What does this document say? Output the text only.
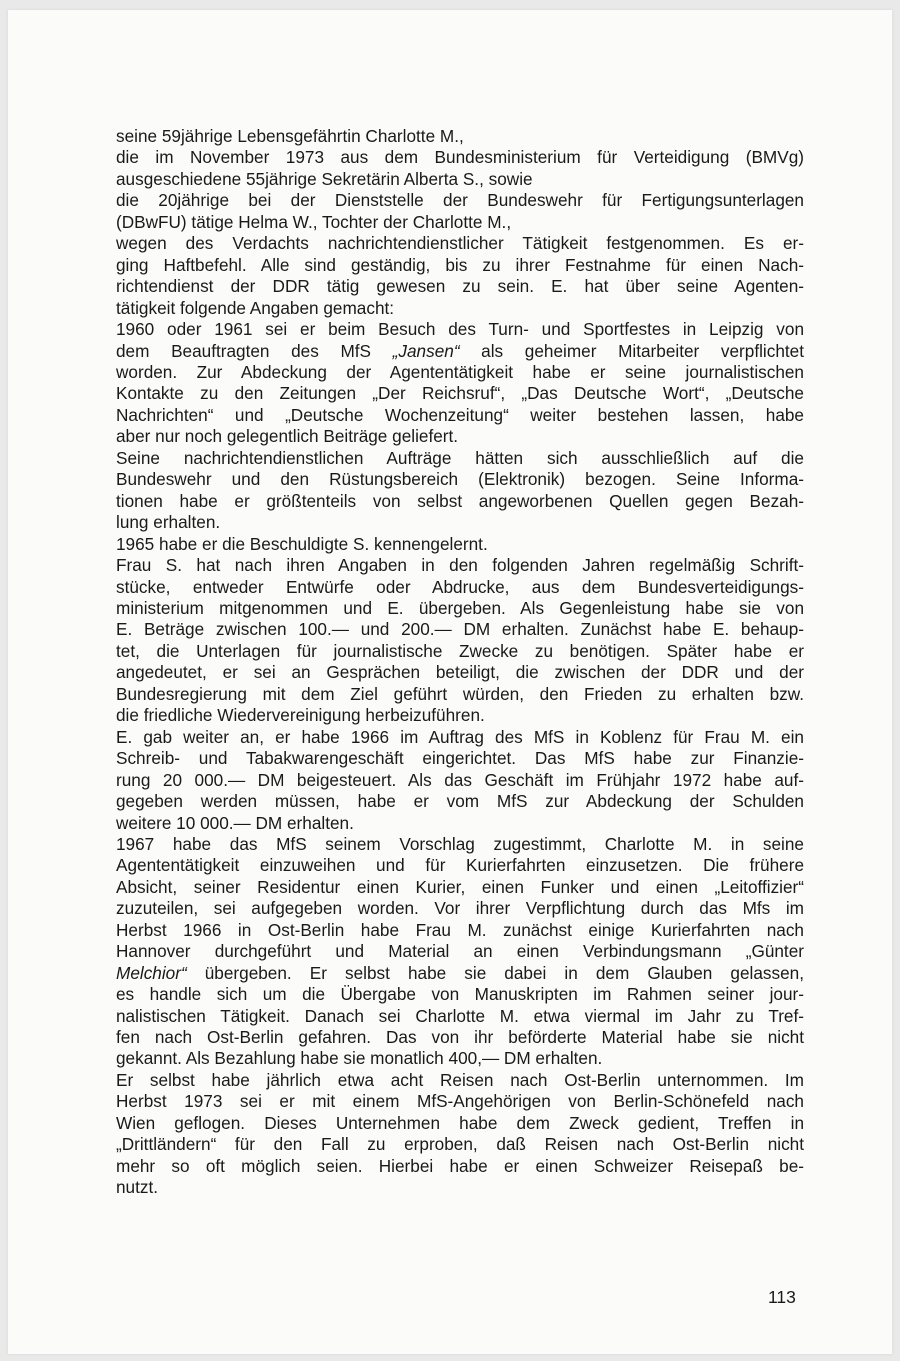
seine 59jährige Lebensgefährtin Charlotte M.,
die im November 1973 aus dem Bundesministerium für Verteidigung (BMVg)
ausgeschiedene 55jährige Sekretärin Alberta S., sowie
die 20jährige bei der Dienststelle der Bundeswehr für Fertigungsunterlagen
(DBwFU) tätige Helma W., Tochter der Charlotte M.,
wegen des Verdachts nachrichtendienstlicher Tätigkeit festgenommen. Es er-
ging Haftbefehl. Alle sind geständig, bis zu ihrer Festnahme für einen Nach-
richtendienst der DDR tätig gewesen zu sein. E. hat über seine Agenten-
tätigkeit folgende Angaben gemacht:
1960 oder 1961 sei er beim Besuch des Turn- und Sportfestes in Leipzig von
dem Beauftragten des MfS „Jansen“ als geheimer Mitarbeiter verpflichtet
worden. Zur Abdeckung der Agententätigkeit habe er seine journalistischen
Kontakte zu den Zeitungen „Der Reichsruf“, „Das Deutsche Wort“, „Deutsche
Nachrichten“ und „Deutsche Wochenzeitung“ weiter bestehen lassen, habe
aber nur noch gelegentlich Beiträge geliefert.
Seine nachrichtendienstlichen Aufträge hätten sich ausschließlich auf die
Bundeswehr und den Rüstungsbereich (Elektronik) bezogen. Seine Informa-
tionen habe er größtenteils von selbst angeworbenen Quellen gegen Bezah-
lung erhalten.
1965 habe er die Beschuldigte S. kennengelernt.
Frau S. hat nach ihren Angaben in den folgenden Jahren regelmäßig Schrift-
stücke, entweder Entwürfe oder Abdrucke, aus dem Bundesverteidigungs-
ministerium mitgenommen und E. übergeben. Als Gegenleistung habe sie von
E. Beträge zwischen 100.— und 200.— DM erhalten. Zunächst habe E. behaup-
tet, die Unterlagen für journalistische Zwecke zu benötigen. Später habe er
angedeutet, er sei an Gesprächen beteiligt, die zwischen der DDR und der
Bundesregierung mit dem Ziel geführt würden, den Frieden zu erhalten bzw.
die friedliche Wiedervereinigung herbeizuführen.
E. gab weiter an, er habe 1966 im Auftrag des MfS in Koblenz für Frau M. ein
Schreib- und Tabakwarengeschäft eingerichtet. Das MfS habe zur Finanzie-
rung 20 000.— DM beigesteuert. Als das Geschäft im Frühjahr 1972 habe auf-
gegeben werden müssen, habe er vom MfS zur Abdeckung der Schulden
weitere 10 000.— DM erhalten.
1967 habe das MfS seinem Vorschlag zugestimmt, Charlotte M. in seine
Agententätigkeit einzuweihen und für Kurierfahrten einzusetzen. Die frühere
Absicht, seiner Residentur einen Kurier, einen Funker und einen „Leitoffizier“
zuzuteilen, sei aufgegeben worden. Vor ihrer Verpflichtung durch das Mfs im
Herbst 1966 in Ost-Berlin habe Frau M. zunächst einige Kurierfahrten nach
Hannover durchgeführt und Material an einen Verbindungsmann „Günter
Melchior“ übergeben. Er selbst habe sie dabei in dem Glauben gelassen,
es handle sich um die Übergabe von Manuskripten im Rahmen seiner jour-
nalistischen Tätigkeit. Danach sei Charlotte M. etwa viermal im Jahr zu Tref-
fen nach Ost-Berlin gefahren. Das von ihr beförderte Material habe sie nicht
gekannt. Als Bezahlung habe sie monatlich 400,— DM erhalten.
Er selbst habe jährlich etwa acht Reisen nach Ost-Berlin unternommen. Im
Herbst 1973 sei er mit einem MfS-Angehörigen von Berlin-Schönefeld nach
Wien geflogen. Dieses Unternehmen habe dem Zweck gedient, Treffen in
„Drittländern“ für den Fall zu erproben, daß Reisen nach Ost-Berlin nicht
mehr so oft möglich seien. Hierbei habe er einen Schweizer Reisepaß be-
nutzt.
113
